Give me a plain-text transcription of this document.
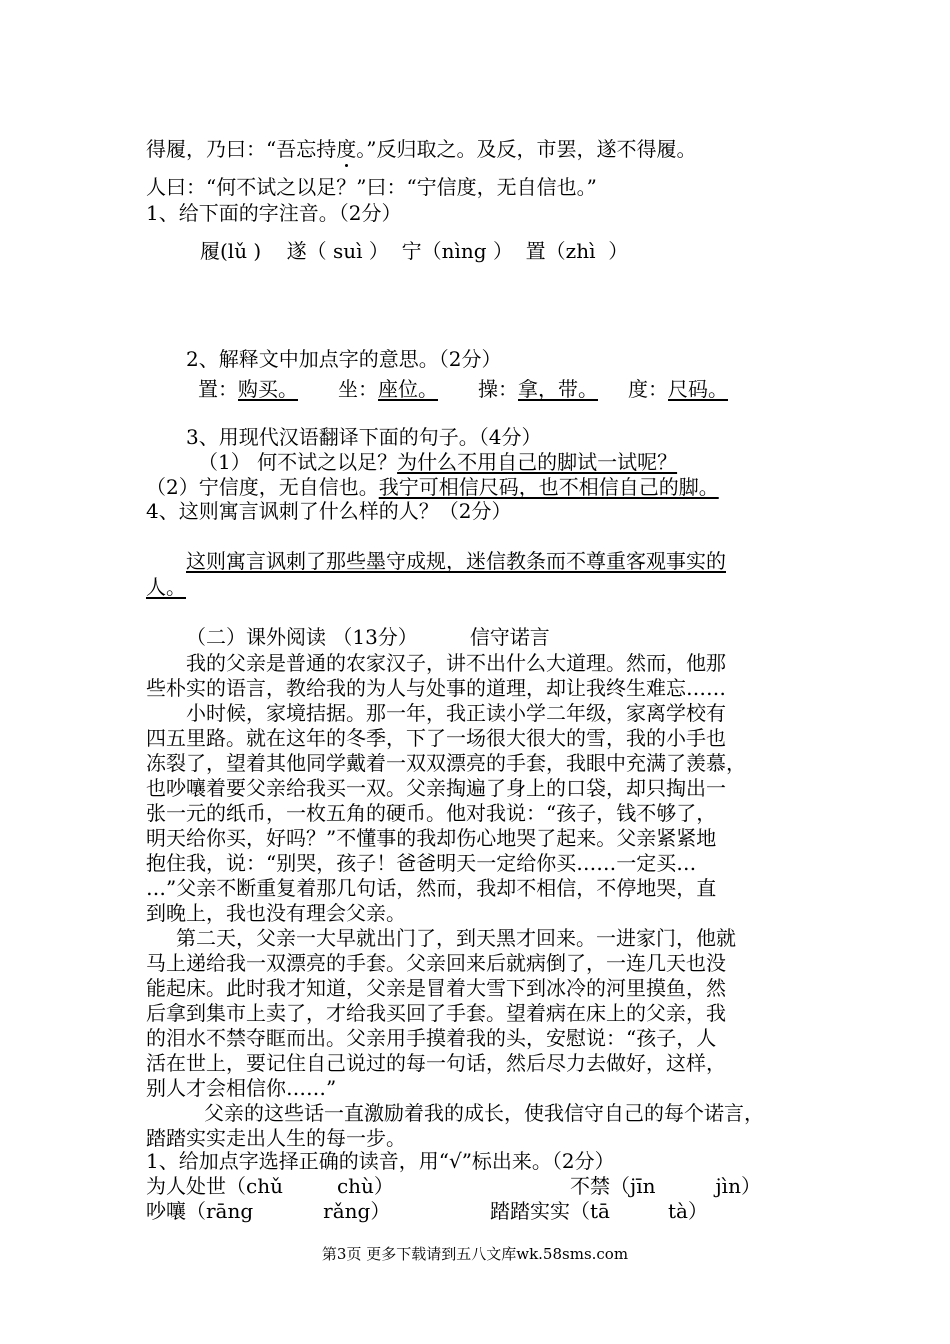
得履，乃曰：“吾忘持度。”反归取之。及反，市罢，遂不得履。
人曰：“何不试之以足？”曰：“宁信度，无自信也。”
1、给下面的字注音。（2分）
履(lǔ )    遂（ suì ）  宁（nìng ）  置（zhì  ）
2、解释文中加点字的意思。（2分）
置：购买。 坐：座位。 操：拿，带。 度：尺码。
3、用现代汉语翻译下面的句子。（4分）
（1） 何不试之以足？为什么不用自己的脚试一试呢？
（2）宁信度，无自信也。我宁可相信尺码，也不相信自己的脚。
4、这则寓言讽刺了什么样的人？（2分）
这则寓言讽刺了那些墨守成规，迷信教条而不尊重客观事实的
人。
（二）课外阅读 （13分）	信守诺言
我的父亲是普通的农家汉子，讲不出什么大道理。然而，他那
些朴实的语言，教给我的为人与处事的道理，却让我终生难忘……
小时候，家境拮据。那一年，我正读小学二年级，家离学校有
四五里路。就在这年的冬季，下了一场很大很大的雪，我的小手也
冻裂了，望着其他同学戴着一双双漂亮的手套，我眼中充满了羡慕，
也吵嚷着要父亲给我买一双。父亲掏遍了身上的口袋，却只掏出一
张一元的纸币，一枚五角的硬币。他对我说：“孩子，钱不够了，
明天给你买，好吗？”不懂事的我却伤心地哭了起来。父亲紧紧地
抱住我，说：“别哭，孩子！爸爸明天一定给你买……一定买…
…”父亲不断重复着那几句话，然而，我却不相信，不停地哭，直
到晚上，我也没有理会父亲。
第二天，父亲一大早就出门了，到天黑才回来。一进家门，他就
马上递给我一双漂亮的手套。父亲回来后就病倒了，一连几天也没
能起床。此时我才知道，父亲是冒着大雪下到冰冷的河里摸鱼，然
后拿到集市上卖了，才给我买回了手套。望着病在床上的父亲，我
的泪水不禁夺眶而出。父亲用手摸着我的头，安慰说：“孩子，人
活在世上，要记住自己说过的每一句话，然后尽力去做好，这样，
别人才会相信你……”
父亲的这些话一直激励着我的成长，使我信守自己的每个诺言，
踏踏实实走出人生的每一步。
1、给加点字选择正确的读音，用“√”标出来。（2分）
为人处世（chǔ	chù）	不禁（jīn	jìn）
吵嚷（rāng	rǎng）	踏踏实实（tā	tà）
第3页 更多下载请到五八文库wk.58sms.com
